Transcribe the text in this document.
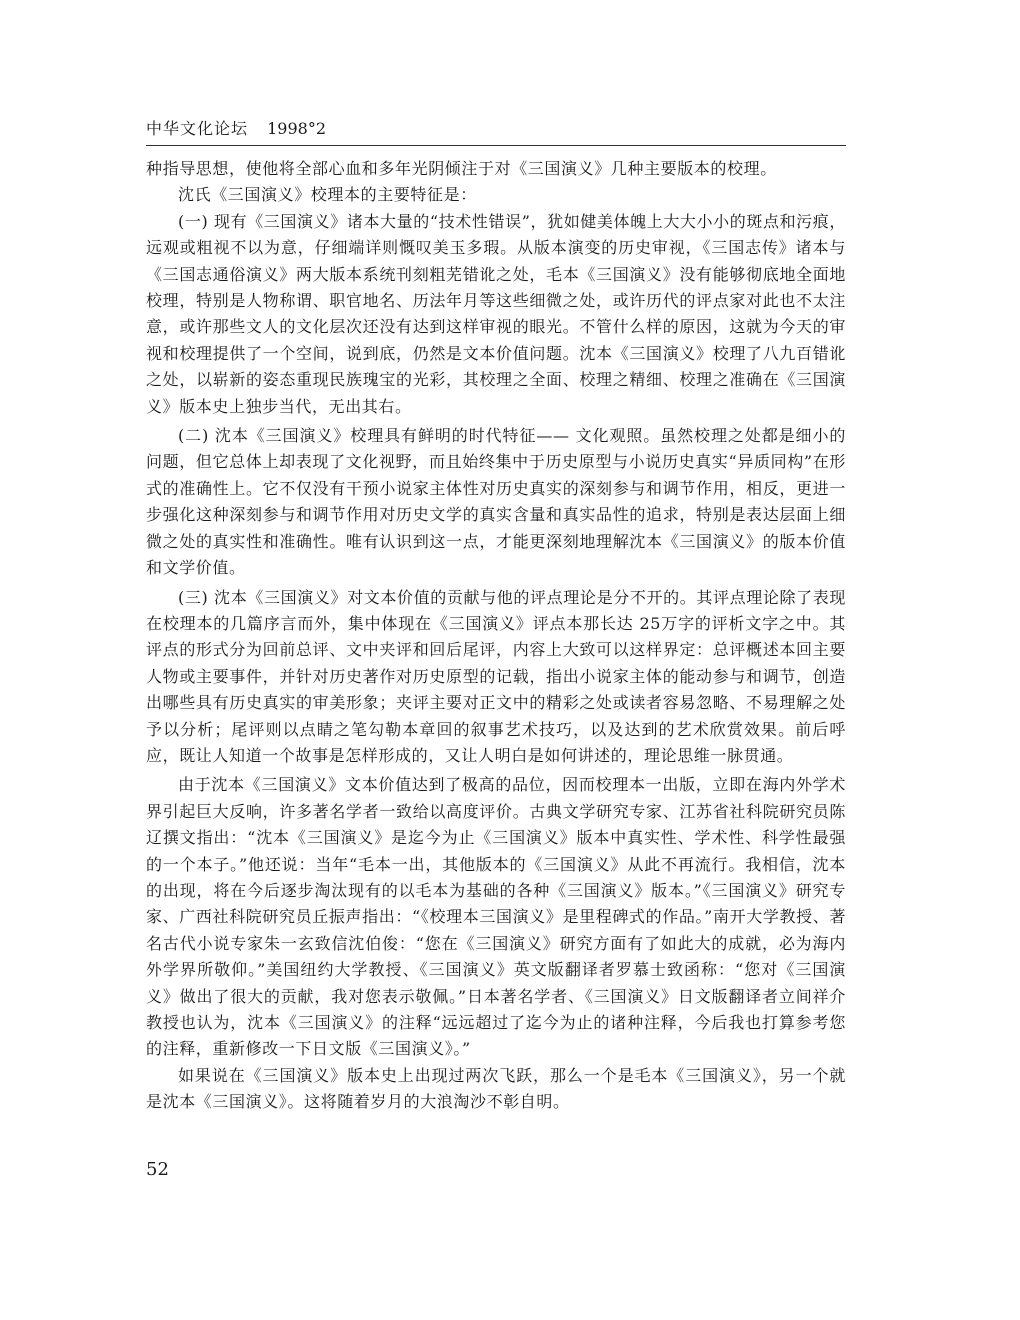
中华文化论坛 1998°2

种指导思想，使他将全部心血和多年光阴倾注于对《三国演义》几种主要版本的校理。

沈氏《三国演义》校理本的主要特征是：

(一) 现有《三国演义》诸本大量的“技术性错误”，犹如健美体魄上大大小小的斑点和污痕，远观或粗视不以为意，仔细端详则慨叹美玉多瑕。从版本演变的历史审视，《三国志传》诸本与《三国志通俗演义》两大版本系统刊刻粗芜错讹之处，毛本《三国演义》没有能够彻底地全面地校理，特别是人物称谓、职官地名、历法年月等这些细微之处，或许历代的评点家对此也不太注意，或许那些文人的文化层次还没有达到这样审视的眼光。不管什么样的原因，这就为今天的审视和校理提供了一个空间，说到底，仍然是文本价值问题。沈本《三国演义》校理了八九百错讹之处，以崭新的姿态重现民族瑰宝的光彩，其校理之全面、校理之精细、校理之准确在《三国演义》版本史上独步当代，无出其右。

(二) 沈本《三国演义》校理具有鲜明的时代特征—— 文化观照。虽然校理之处都是细小的问题，但它总体上却表现了文化视野，而且始终集中于历史原型与小说历史真实“异质同构”在形式的准确性上。它不仅没有干预小说家主体性对历史真实的深刻参与和调节作用，相反，更进一步强化这种深刻参与和调节作用对历史文学的真实含量和真实品性的追求，特别是表达层面上细微之处的真实性和准确性。唯有认识到这一点，才能更深刻地理解沈本《三国演义》的版本价值和文学价值。

(三) 沈本《三国演义》对文本价值的贡献与他的评点理论是分不开的。其评点理论除了表现在校理本的几篇序言而外，集中体现在《三国演义》评点本那长达 25万字的评析文字之中。其评点的形式分为回前总评、文中夹评和回后尾评，内容上大致可以这样界定：总评概述本回主要人物或主要事件，并针对历史著作对历史原型的记载，指出小说家主体的能动参与和调节，创造出哪些具有历史真实的审美形象；夹评主要对正文中的精彩之处或读者容易忽略、不易理解之处予以分析；尾评则以点睛之笔勾勒本章回的叙事艺术技巧，以及达到的艺术欣赏效果。前后呼应，既让人知道一个故事是怎样形成的，又让人明白是如何讲述的，理论思维一脉贯通。

由于沈本《三国演义》文本价值达到了极高的品位，因而校理本一出版，立即在海内外学术界引起巨大反响，许多著名学者一致给以高度评价。古典文学研究专家、江苏省社科院研究员陈辽撰文指出：“沈本《三国演义》是迄今为止《三国演义》版本中真实性、学术性、科学性最强的一个本子。”他还说：当年“毛本一出，其他版本的《三国演义》从此不再流行。我相信，沈本的出现，将在今后逐步淘汰现有的以毛本为基础的各种《三国演义》版本。”《三国演义》研究专家、广西社科院研究员丘振声指出：“《校理本三国演义》是里程碑式的作品。”南开大学教授、著名古代小说专家朱一玄致信沈伯俊：“您在《三国演义》研究方面有了如此大的成就，必为海内外学界所敬仰。”美国纽约大学教授、《三国演义》英文版翻译者罗慕士致函称：“您对《三国演义》做出了很大的贡献，我对您表示敬佩。”日本著名学者、《三国演义》日文版翻译者立间祥介教授也认为，沈本《三国演义》的注释“远远超过了迄今为止的诸种注释，今后我也打算参考您的注释，重新修改一下日文版《三国演义》。”

如果说在《三国演义》版本史上出现过两次飞跃，那么一个是毛本《三国演义》，另一个就是沈本《三国演义》。这将随着岁月的大浪淘沙不彰自明。

52
